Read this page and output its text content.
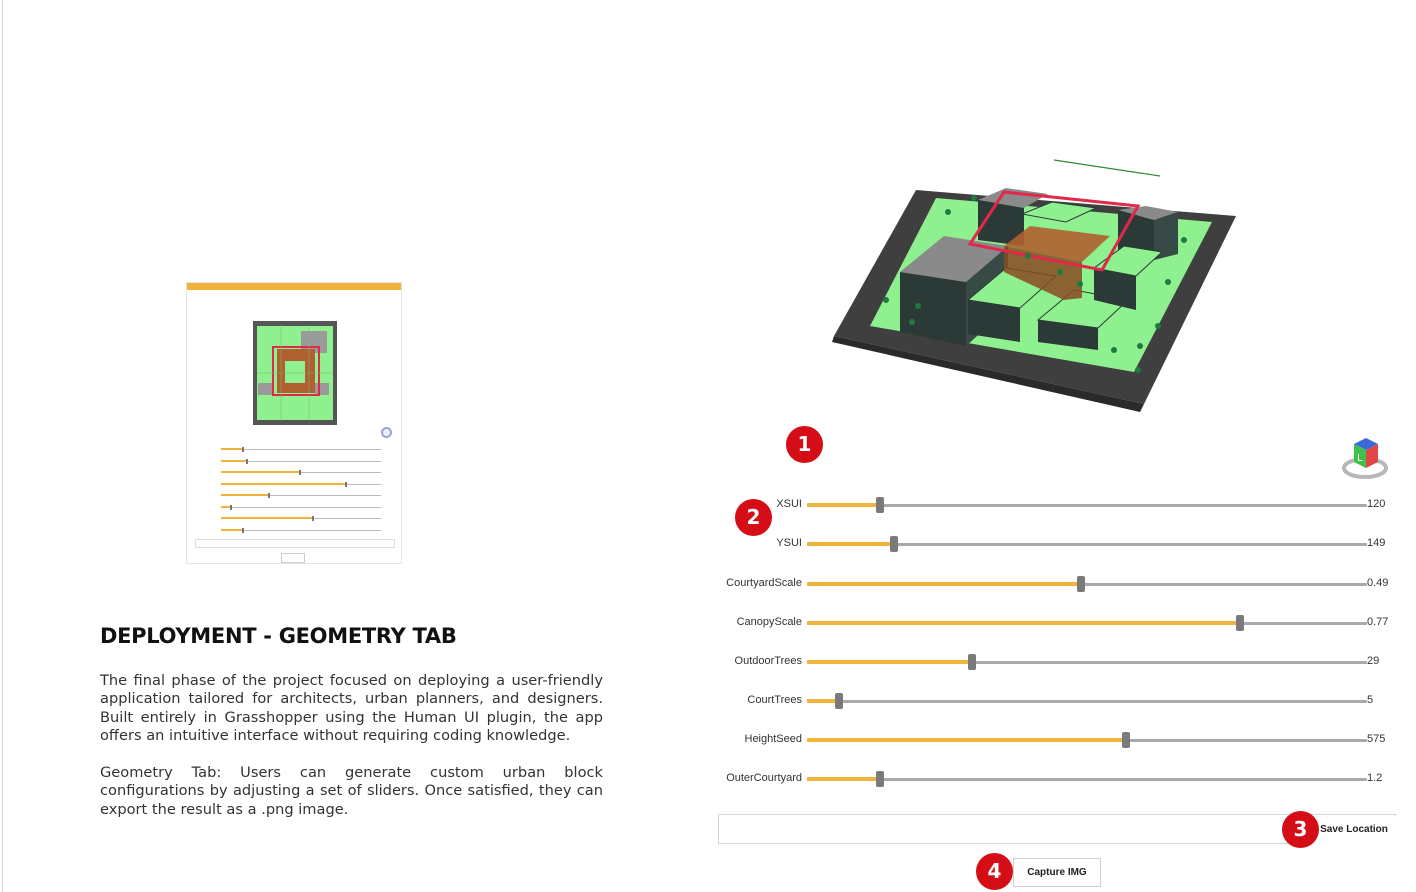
DEPLOYMENT - GEOMETRY TAB

The final phase of the project focused on deploying a user-friendly application tailored for architects, urban planners, and designers. Built entirely in Grasshopper using the Human UI plugin, the app offers an intuitive interface without requiring coding knowledge.

Geometry Tab: Users can generate custom urban block configurations by adjusting a set of sliders. Once satisfied, they can export the result as a .png image.

L
1
2
XSUI	120
YSUI	149
CourtyardScale	0.49
CanopyScale	0.77
OutdoorTrees	29
CourtTrees	5
HeightSeed	575
OuterCourtyard	1.2
Save Location
3
4	Capture IMG
